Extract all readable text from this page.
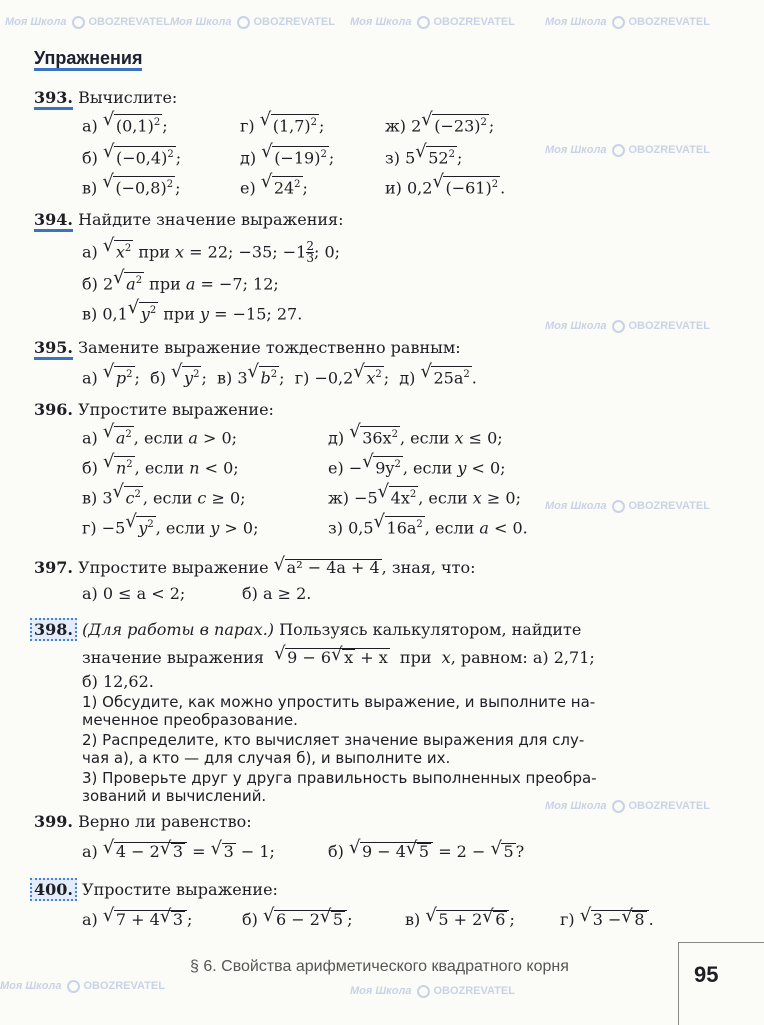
Моя Школа OBOZREVATEL Моя Школа OBOZREVATEL Моя Школа OBOZREVATEL	Моя Школа OBOZREVATEL
Моя Школа OBOZREVATEL
Моя Школа OBOZREVATEL
Моя Школа OBOZREVATEL
Моя Школа OBOZREVATEL
Моя Школа OBOZREVATEL	Моя Школа OBOZREVATEL
Упражнения
393. Вычислите:
а) √ $(0,1)^2$ ;	г) √ $(1,7)^2$ ;	ж) 2 √ $(-23)^2$ ;
б) √ $(-0,4)^2$ ;	д) √ $(-19)^2$ ;	з) 5 √ $52^2$ ;
в) √ $(-0,8)^2$ ;	е) √ $24^2$ ;	и) 0,2 √ $(-61)^2$ .
394. Найдите значение выражения:
а) √ $x^2$ при x = 22; −35; $-1 \frac{2}{3}$ ; 0;
б) 2 √ $a^2$ при a = −7; 12;
в) 0,1 √ $y^2$ при y = −15; 27.
395. Замените выражение тождественно равным:
а) √ $p^2$ ; б) √ $y^2$ ; в) 3 √ $b^2$ ; г) −0,2 √ $x^2$ ; д) √ $25a^2$ .
396. Упростите выражение:
а) √ $a^2$ , если a > 0;	д) √ $36x^2$ , если x ≤ 0;
б) √ $n^2$ , если n < 0;	е) − √ $9y^2$ , если y < 0;
в) 3 √ $c^2$ , если c ≥ 0;	ж) −5 √ $4x^2$ , если x ≥ 0;
г) −5 √ $y^2$ , если y > 0;	з) 0,5 √ $16a^2$ , если a < 0.
397. Упростите выражение √ a² − 4a + 4 , зная, что:
а) 0 ≤ a < 2;	б) a ≥ 2.
398. (Для работы в парах.) Пользуясь калькулятором, найдите
значение выражения √ 9 − 6 √ x + x при x, равном: а) 2,71;
б) 12,62.
1) Обсудите, как можно упростить выражение, и выполните на-
меченное преобразование.
2) Распределите, кто вычисляет значение выражения для слу-
чая а), а кто — для случая б), и выполните их.
3) Проверьте друг у друга правильность выполненных преобра-
зований и вычислений.
399. Верно ли равенство:
а) √ 4 − 2 √ 3 = √ 3 − 1;	б) √ 9 − 4 √ 5 = 2 − √ 5 ?
400. Упростите выражение:
а) √ 7 + 4 √ 3 ;	б) √ 6 − 2 √ 5 ;	в) √ 5 + 2 √ 6 ;	г) √ 3 − √ 8 .
§ 6. Свойства арифметического квадратного корня	95
